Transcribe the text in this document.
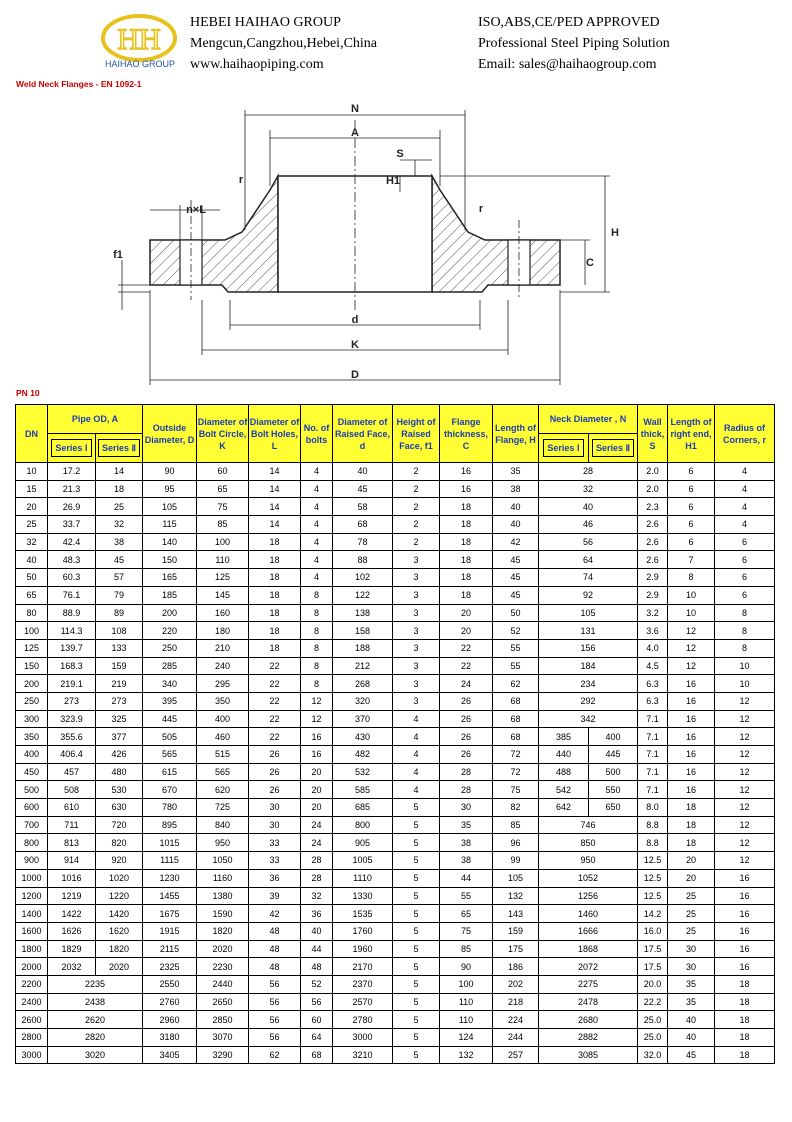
HH
HAIHAO GROUP
HEBEI HAIHAO GROUP
Mengcun,Cangzhou,Hebei,China
www.haihaopiping.com
ISO,ABS,CE/PED APPROVED
Professional Steel Piping Solution
Email: sales@haihaogroup.com
Weld Neck Flanges - EN 1092-1
N
A
S
H1
r
r
n×L
f1
H
C
d
K
D
PN 10
DN	Pipe OD, A		Outside Diameter, D	Diameter of Bolt Circle, K	Diameter of Bolt Holes, L	No. of bolts	Diameter of Raised Face, d	Height of Raised Face, f1	Flange thickness, C	Length of Flange, H	Neck Diameter , N		Wall thick, S	Length of right end, H1	Radius of Corners, r
	Series Ⅰ	Series Ⅱ									Series Ⅰ	Series Ⅱ			
10	17.2	14	90	60	14	4	40	2	16	35	28		2.0	6	4
15	21.3	18	95	65	14	4	45	2	16	38	32		2.0	6	4
20	26.9	25	105	75	14	4	58	2	18	40	40		2.3	6	4
25	33.7	32	115	85	14	4	68	2	18	40	46		2.6	6	4
32	42.4	38	140	100	18	4	78	2	18	42	56		2.6	6	6
40	48.3	45	150	110	18	4	88	3	18	45	64		2.6	7	6
50	60.3	57	165	125	18	4	102	3	18	45	74		2.9	8	6
65	76.1	79	185	145	18	8	122	3	18	45	92		2.9	10	6
80	88.9	89	200	160	18	8	138	3	20	50	105		3.2	10	8
100	114.3	108	220	180	18	8	158	3	20	52	131		3.6	12	8
125	139.7	133	250	210	18	8	188	3	22	55	156		4.0	12	8
150	168.3	159	285	240	22	8	212	3	22	55	184		4.5	12	10
200	219.1	219	340	295	22	8	268	3	24	62	234		6.3	16	10
250	273	273	395	350	22	12	320	3	26	68	292		6.3	16	12
300	323.9	325	445	400	22	12	370	4	26	68	342		7.1	16	12
350	355.6	377	505	460	22	16	430	4	26	68	385	400	7.1	16	12
400	406.4	426	565	515	26	16	482	4	26	72	440	445	7.1	16	12
450	457	480	615	565	26	20	532	4	28	72	488	500	7.1	16	12
500	508	530	670	620	26	20	585	4	28	75	542	550	7.1	16	12
600	610	630	780	725	30	20	685	5	30	82	642	650	8.0	18	12
700	711	720	895	840	30	24	800	5	35	85	746		8.8	18	12
800	813	820	1015	950	33	24	905	5	38	96	850		8.8	18	12
900	914	920	1115	1050	33	28	1005	5	38	99	950		12.5	20	12
1000	1016	1020	1230	1160	36	28	1110	5	44	105	1052		12.5	20	16
1200	1219	1220	1455	1380	39	32	1330	5	55	132	1256		12.5	25	16
1400	1422	1420	1675	1590	42	36	1535	5	65	143	1460		14.2	25	16
1600	1626	1620	1915	1820	48	40	1760	5	75	159	1666		16.0	25	16
1800	1829	1820	2115	2020	48	44	1960	5	85	175	1868		17.5	30	16
2000	2032	2020	2325	2230	48	48	2170	5	90	186	2072		17.5	30	16
2200	2235		2550	2440	56	52	2370	5	100	202	2275		20.0	35	18
2400	2438		2760	2650	56	56	2570	5	110	218	2478		22.2	35	18
2600	2620		2960	2850	56	60	2780	5	110	224	2680		25.0	40	18
2800	2820		3180	3070	56	64	3000	5	124	244	2882		25.0	40	18
3000	3020		3405	3290	62	68	3210	5	132	257	3085		32.0	45	18
